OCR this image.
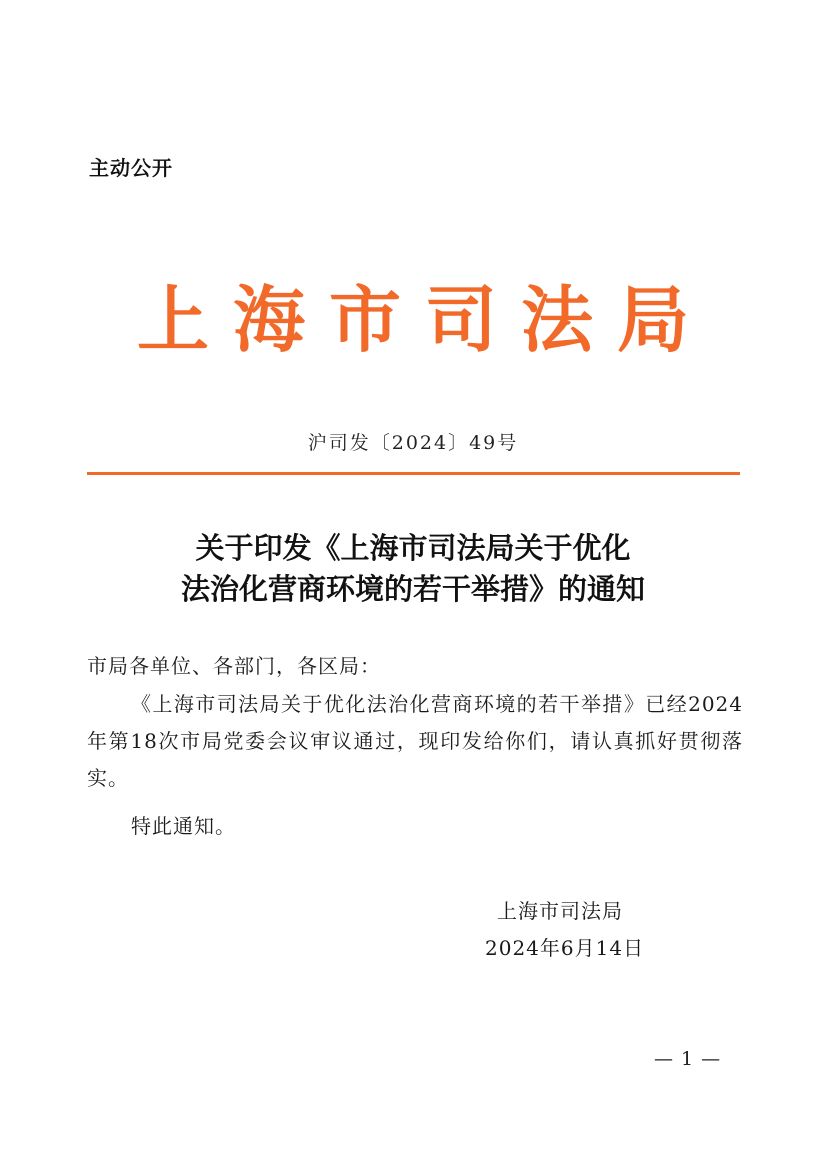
主动公开
上海市司法局
沪司发〔2024〕49号
关于印发《上海市司法局关于优化
法治化营商环境的若干举措》的通知
市局各单位、各部门，各区局：
《上海市司法局关于优化法治化营商环境的若干举措》已经2024年第18次市局党委会议审议通过，现印发给你们，请认真抓好贯彻落实。
特此通知。
上海市司法局
2024年6月14日
— 1 —
